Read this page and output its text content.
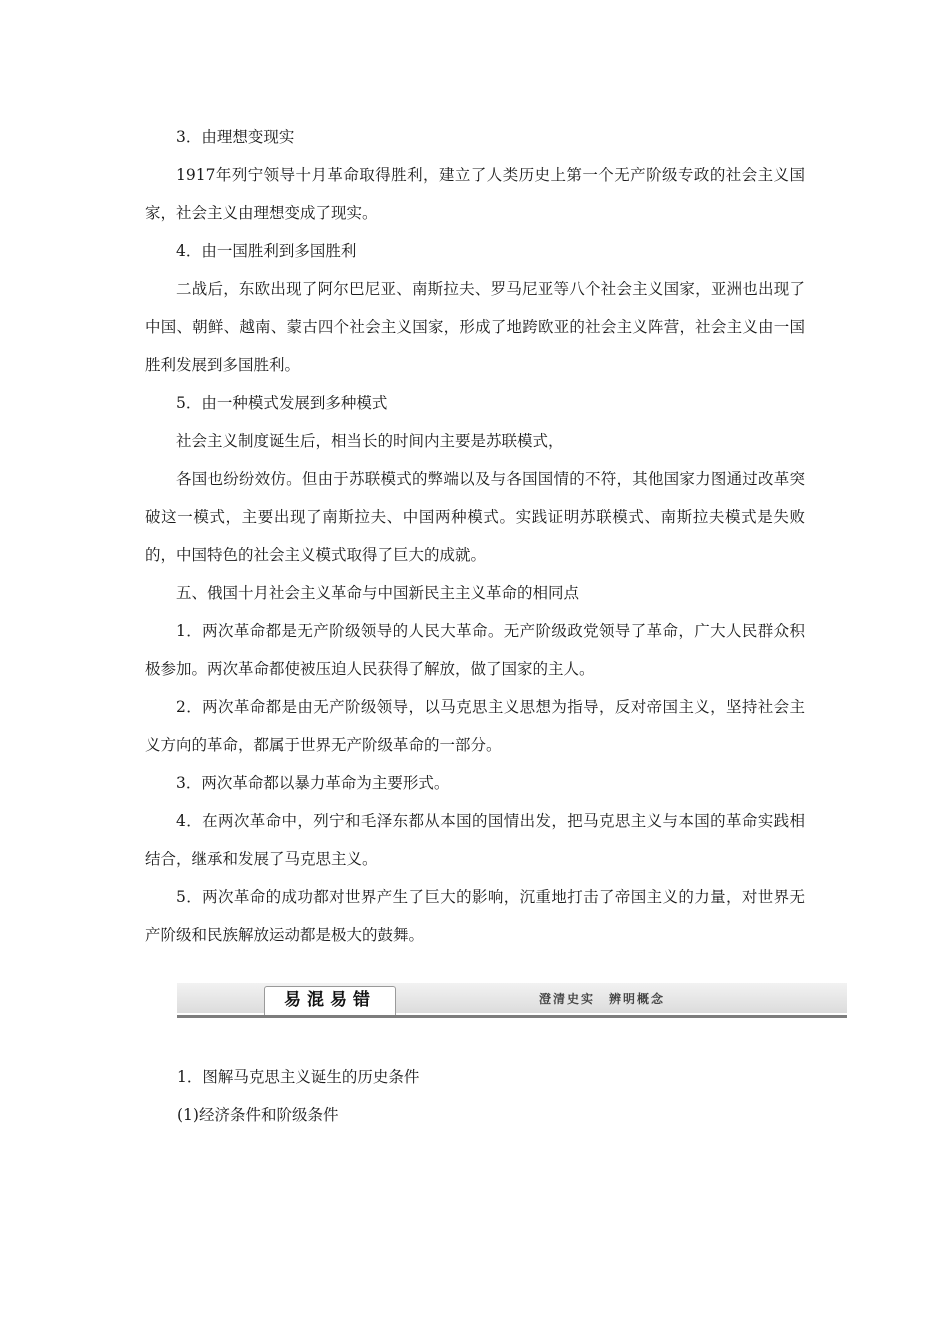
3．由理想变现实

1917年列宁领导十月革命取得胜利，建立了人类历史上第一个无产阶级专政的社会主义国家，社会主义由理想变成了现实。

4．由一国胜利到多国胜利

二战后，东欧出现了阿尔巴尼亚、南斯拉夫、罗马尼亚等八个社会主义国家，亚洲也出现了中国、朝鲜、越南、蒙古四个社会主义国家，形成了地跨欧亚的社会主义阵营，社会主义由一国胜利发展到多国胜利。

5．由一种模式发展到多种模式

社会主义制度诞生后，相当长的时间内主要是苏联模式，

各国也纷纷效仿。但由于苏联模式的弊端以及与各国国情的不符，其他国家力图通过改革突破这一模式，主要出现了南斯拉夫、中国两种模式。实践证明苏联模式、南斯拉夫模式是失败的，中国特色的社会主义模式取得了巨大的成就。

五、俄国十月社会主义革命与中国新民主主义革命的相同点

1．两次革命都是无产阶级领导的人民大革命。无产阶级政党领导了革命，广大人民群众积极参加。两次革命都使被压迫人民获得了解放，做了国家的主人。

2．两次革命都是由无产阶级领导，以马克思主义思想为指导，反对帝国主义，坚持社会主义方向的革命，都属于世界无产阶级革命的一部分。

3．两次革命都以暴力革命为主要形式。

4．在两次革命中，列宁和毛泽东都从本国的国情出发，把马克思主义与本国的革命实践相结合，继承和发展了马克思主义。

5．两次革命的成功都对世界产生了巨大的影响，沉重地打击了帝国主义的力量，对世界无产阶级和民族解放运动都是极大的鼓舞。

易混易错	澄清史实　辨明概念

1．图解马克思主义诞生的历史条件

(1)经济条件和阶级条件
